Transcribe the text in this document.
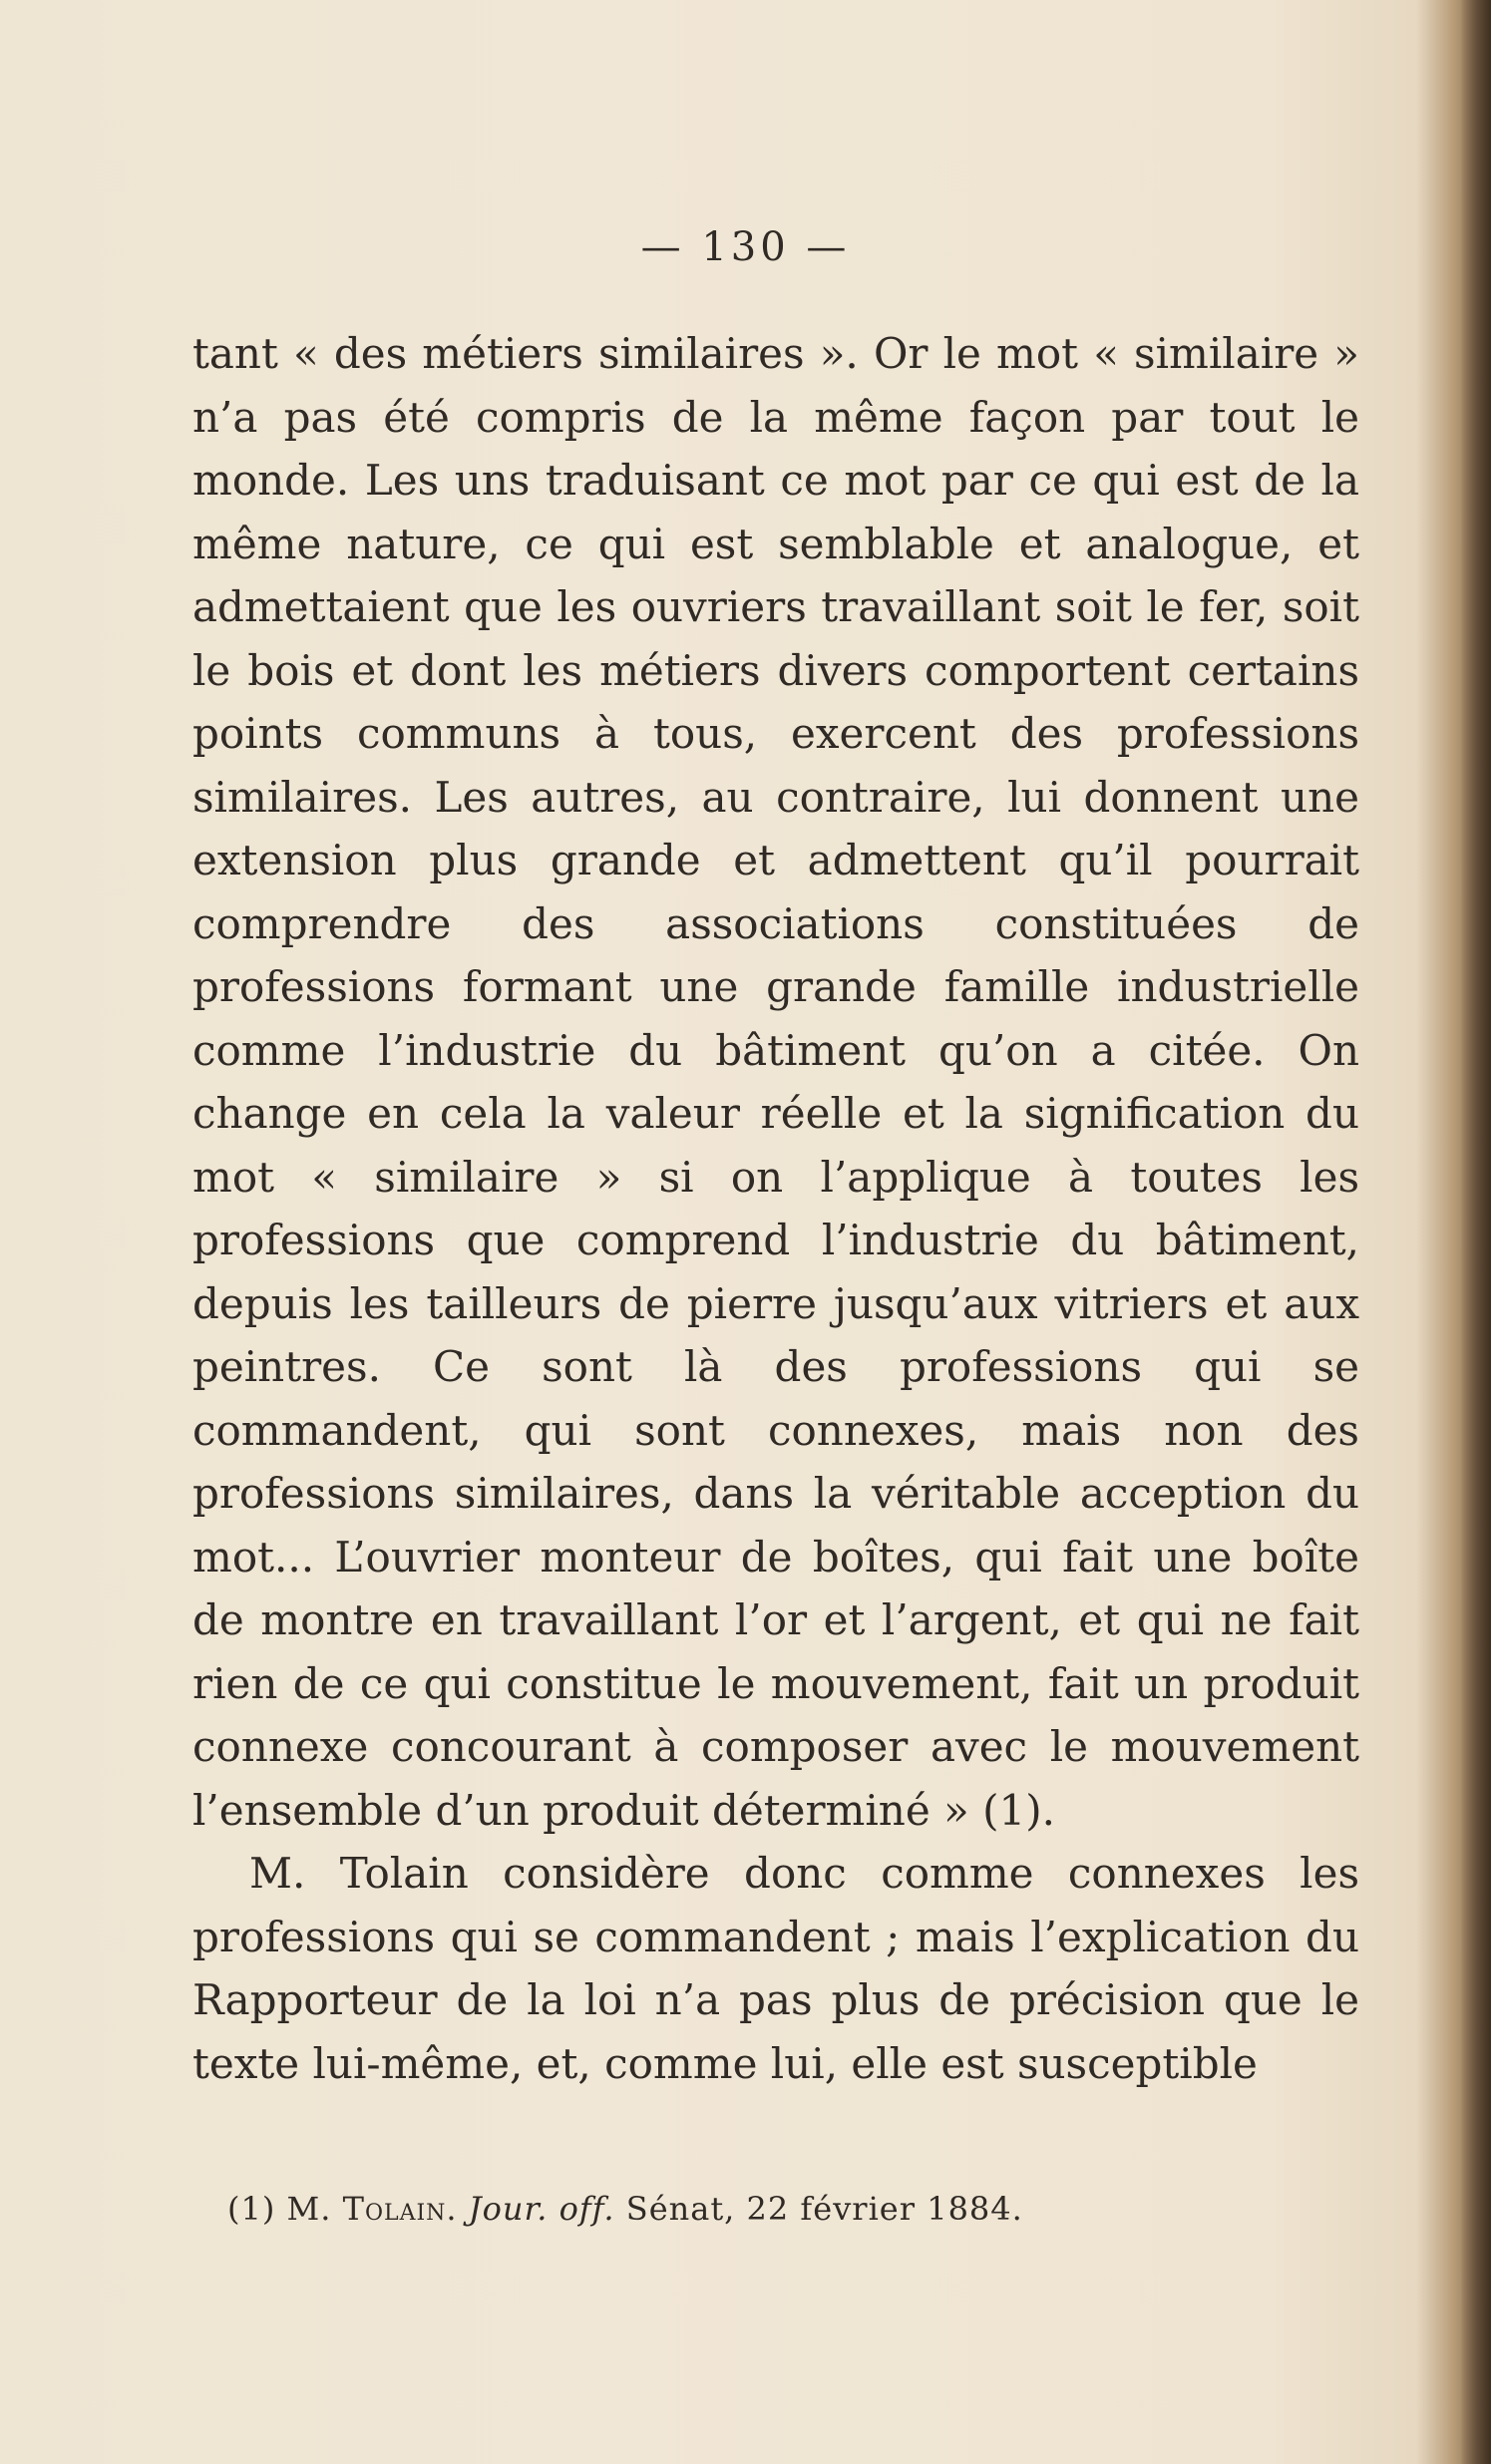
— 130 —

tant « des métiers similaires ». Or le mot « similaire » n’a pas été compris de la même façon par tout le monde. Les uns traduisant ce mot par ce qui est de la même nature, ce qui est semblable et analogue, et admettaient que les ouvriers travaillant soit le fer, soit le bois et dont les métiers divers comportent certains points communs à tous, exercent des professions similaires. Les autres, au contraire, lui donnent une extension plus grande et admettent qu’il pourrait comprendre des associations constituées de professions formant une grande famille industrielle comme l’industrie du bâtiment qu’on a citée. On change en cela la valeur réelle et la signification du mot « similaire » si on l’applique à toutes les professions que comprend l’industrie du bâtiment, depuis les tailleurs de pierre jusqu’aux vitriers et aux peintres. Ce sont là des professions qui se commandent, qui sont connexes, mais non des professions similaires, dans la véritable acception du mot... L’ouvrier monteur de boîtes, qui fait une boîte de montre en travaillant l’or et l’argent, et qui ne fait rien de ce qui constitue le mouvement, fait un produit connexe concourant à composer avec le mouvement l’ensemble d’un produit déterminé » (1).

M. Tolain considère donc comme connexes les professions qui se commandent ; mais l’explication du Rapporteur de la loi n’a pas plus de précision que le texte lui-même, et, comme lui, elle est susceptible

(1) M. Tolain. Jour. off. Sénat, 22 février 1884.
